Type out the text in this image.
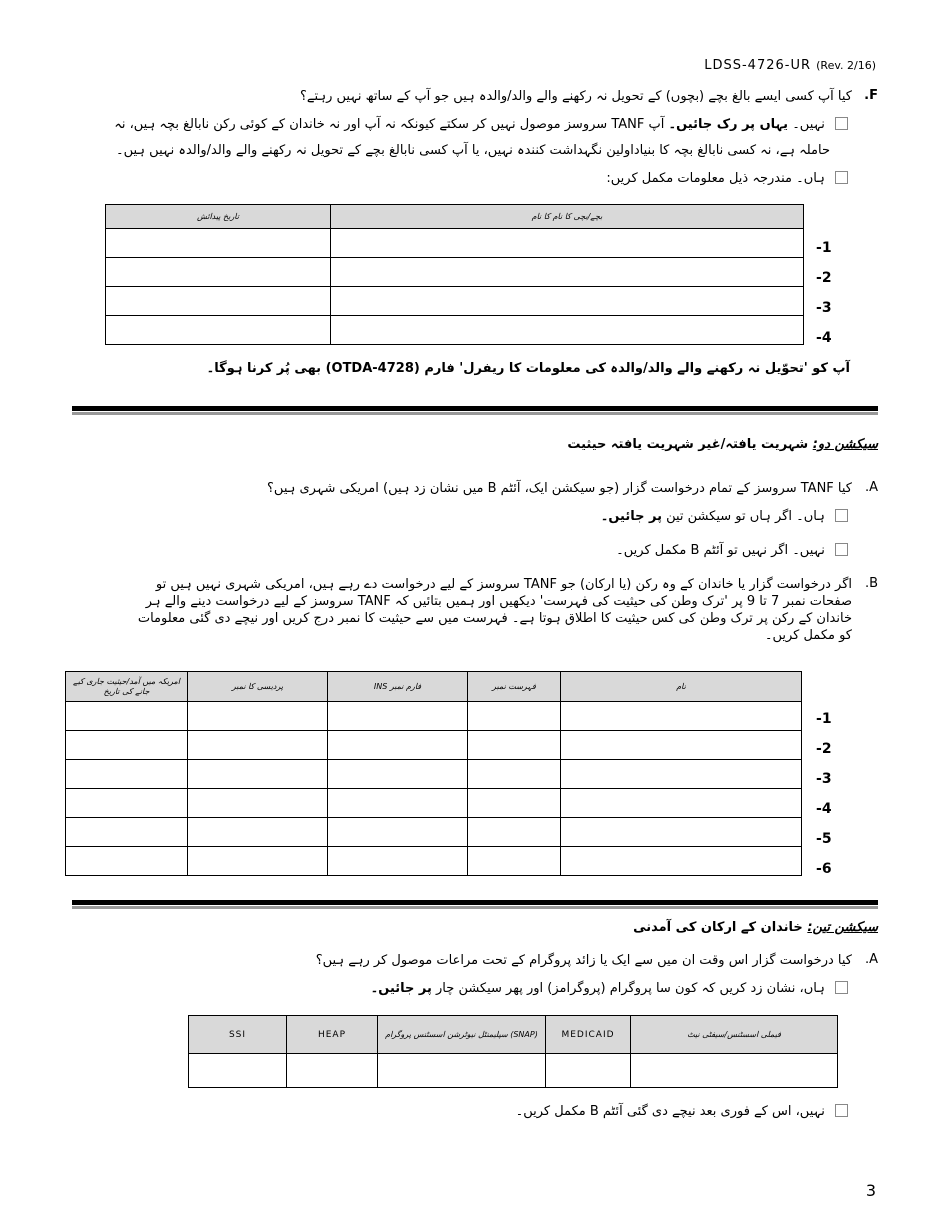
LDSS-4726-UR (Rev. 2/16)
.F
کیا آپ کسی ایسے بالغ بچے (بچوں) کے تحویل نہ رکھنے والے والد/والدہ ہیں جو آپ کے ساتھ نہیں رہتے؟
نہیں۔ یہاں پر رک جائیں۔ آپ TANF سروسز موصول نہیں کر سکتے کیونکہ نہ آپ اور نہ خاندان کے کوئی رکن نابالغ بچہ ہیں، نہ
حاملہ ہے، نہ کسی نابالغ بچہ کا بنیاداولین نگہداشت کنندہ نہیں، یا آپ کسی نابالغ بچے کے تحویل نہ رکھنے والے والد/والدہ نہیں ہیں۔
ہاں۔ مندرجہ ذیل معلومات مکمل کریں:
تاریخ پیدائش	بچے/بچی کا نام کا نام

1-
2-
3-
4-
آپ کو 'تحوّیل نہ رکھنے والے والد/والدہ کی معلومات کا ریفرل' فارم (OTDA-4728) بھی پُر کرنا ہوگا۔
سیکشن دو: شہریت یافتہ/غیر شہریت یافتہ حیثیت
.A
کیا TANF سروسز کے تمام درخواست گزار (جو سیکشن ایک، آئٹم B میں نشان زد ہیں) امریکی شہری ہیں؟
ہاں۔ اگر ہاں تو سیکشن تین پر جائیں۔
نہیں۔ اگر نہیں تو آئٹم B مکمل کریں۔
.B
اگر درخواست گزار یا خاندان کے وہ رکن (یا ارکان) جو TANF سروسز کے لیے درخواست دے رہے ہیں، امریکی شہری نہیں ہیں تو
صفحات نمبر 7 تا 9 پر 'ترک وطن کی حیثیت کی فہرست' دیکھیں اور ہمیں بتائیں کہ TANF سروسز کے لیے درخواست دینے والے ہر
خاندان کے رکن پر ترک وطن کی کس حیثیت کا اطلاق ہوتا ہے۔ فہرست میں سے حیثیت کا نمبر درج کریں اور نیچے دی گئی معلومات
کو مکمل کریں۔
امریکہ میں آمد/حیثیت جاری کیے جانے کی تاریخ	پردیسی کا نمبر	INS فارم نمبر	فہرست نمبر	نام

1-
2-
3-
4-
5-
6-
سیکشن تین: خاندان کے ارکان کی آمدنی
.A
کیا درخواست گزار اس وقت ان میں سے ایک یا زائد پروگرام کے تحت مراعات موصول کر رہے ہیں؟
ہاں، نشان زد کریں کہ کون سا پروگرام (پروگرامز) اور پھر سیکشن چار پر جائیں۔
SSI	HEAP	سپلیمنٹل نیوٹرشن اسسٹنس پروگرام (SNAP)	MEDICAID	فیملی اسسٹنس/سیفٹی نیٹ

نہیں، اس کے فوری بعد نیچے دی گئی آئٹم B مکمل کریں۔
3
